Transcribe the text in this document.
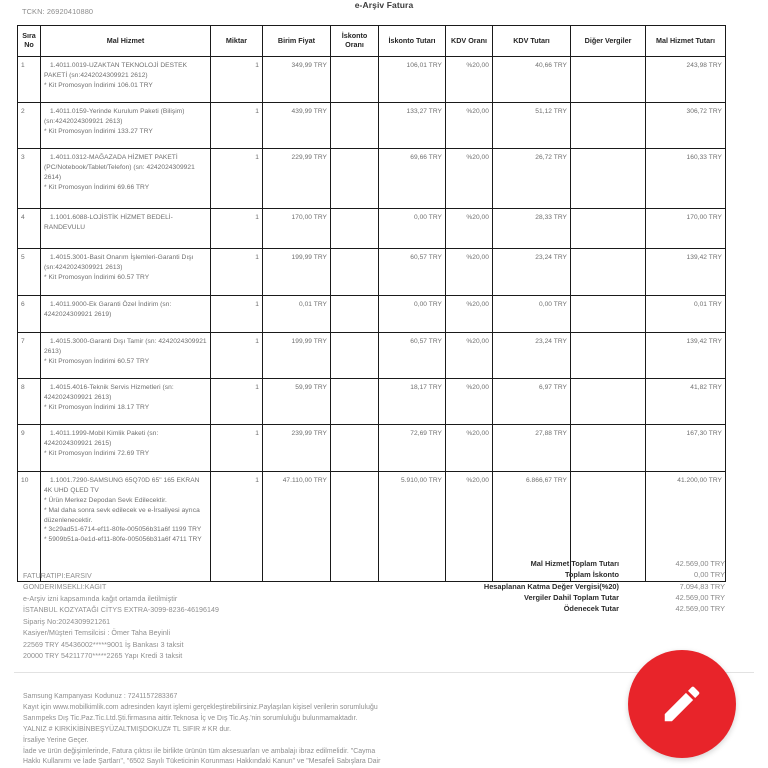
e-Arşiv Fatura
TCKN: 26920410880
Sıra No	Mal Hizmet	Miktar	Birim Fiyat	İskonto Oranı	İskonto Tutarı	KDV Oranı	KDV Tutarı	Diğer Vergiler	Mal Hizmet Tutarı
1	1.4011.0019-UZAKTAN TEKNOLOJİ DESTEK PAKETİ (sn:4242024309921 2612)
* Kit Promosyon İndirimi 106.01 TRY	1	349,99 TRY		106,01 TRY	%20,00	40,66 TRY		243,98 TRY
2	1.4011.0159-Yerinde Kurulum Paketi (Bilişim) (sn:4242024309921 2613)
* Kit Promosyon İndirimi 133.27 TRY	1	439,99 TRY		133,27 TRY	%20,00	51,12 TRY		306,72 TRY
3	1.4011.0312-MAĞAZADA HİZMET PAKETİ (PC/Notebook/Tablet/Telefon) (sn: 4242024309921 2614)
* Kit Promosyon İndirimi 69.66 TRY	1	229,99 TRY		69,66 TRY	%20,00	26,72 TRY		160,33 TRY
4	1.1001.6088-LOJİSTİK HİZMET BEDELİ-RANDEVULU	1	170,00 TRY		0,00 TRY	%20,00	28,33 TRY		170,00 TRY
5	1.4015.3001-Basit Onarım İşlemleri-Garanti Dışı (sn:4242024309921 2613)
* Kit Promosyon İndirimi 60.57 TRY	1	199,99 TRY		60,57 TRY	%20,00	23,24 TRY		139,42 TRY
6	1.4011.9000-Ek Garanti Özel İndirim (sn: 4242024309921 2619)	1	0,01 TRY		0,00 TRY	%20,00	0,00 TRY		0,01 TRY
7	1.4015.3000-Garanti Dışı Tamir (sn: 4242024309921 2613)
* Kit Promosyon İndirimi 60.57 TRY	1	199,99 TRY		60,57 TRY	%20,00	23,24 TRY		139,42 TRY
8	1.4015.4016-Teknik Servis Hizmetleri (sn: 4242024309921 2613)
* Kit Promosyon İndirimi 18.17 TRY	1	59,99 TRY		18,17 TRY	%20,00	6,97 TRY		41,82 TRY
9	1.4011.1999-Mobil Kimlik Paketi (sn: 4242024309921 2615)
* Kit Promosyon İndirimi 72.69 TRY	1	239,99 TRY		72,69 TRY	%20,00	27,88 TRY		167,30 TRY
10	1.1001.7290-SAMSUNG 65Q70D 65" 165 EKRAN 4K UHD QLED TV
* Ürün Merkez Depodan Sevk Edilecektir.
* Mal daha sonra sevk edilecek ve e-İrsaliyesi ayrıca düzenlenecektir.
* 3c29ad51-6714-ef11-80fe-005056b31a6f 1199 TRY
* 5909b51a-0e1d-ef11-80fe-005056b31a6f 4711 TRY	1	47.110,00 TRY		5.910,00 TRY	%20,00	6.866,67 TRY		41.200,00 TRY
Mal Hizmet Toplam Tutarı	42.569,00 TRY
Toplam İskonto	0,00 TRY
Hesaplanan Katma Değer Vergisi(%20)	7.094,83 TRY
Vergiler Dahil Toplam Tutar	42.569,00 TRY
Ödenecek Tutar	42.569,00 TRY
FATURATIPI:EARSIV
GONDERIMSEKLI:KAGIT
e-Arşiv izni kapsamında kağıt ortamda iletilmiştir
İSTANBUL KOZYATAĞI CİTYS EXTRA-3099-8236-46196149
Sipariş No:2024309921261
Kasiyer/Müşteri Temsilcisi : Ömer Taha Beyinli
22569 TRY 45436002*****9001 İş Bankası 3 taksit
20000 TRY 54211770*****2265 Yapı Kredi 3 taksit
Samsung Kampanyası Kodunuz : 7241157283367
Kayıt için www.mobilkimlik.com adresinden kayıt işlemi gerçekleştirebilirsiniz.Paylaşılan kişisel verilerin sorumluluğu
Sarımpeks Dış Tic.Paz.Tic.Ltd.Şti.firmasına aittir.Teknosa İç ve Dış Tic.Aş.'nin sorumluluğu bulunmamaktadır.
YALNIZ # KIRKİKİBİNBEŞYÜZALTMIŞDOKUZ# TL SIFIR # KR dur.
İrsaliye Yerine Geçer.
İade ve ürün değişimlerinde, Fatura çıktısı ile birlikte ürünün tüm aksesuarları ve ambalajı ibraz edilmelidir. "Cayma
Hakkı Kullanımı ve İade Şartları", "6502 Sayılı Tüketicinin Korunması Hakkındaki Kanun" ve "Mesafeli Sabışlara Dair
